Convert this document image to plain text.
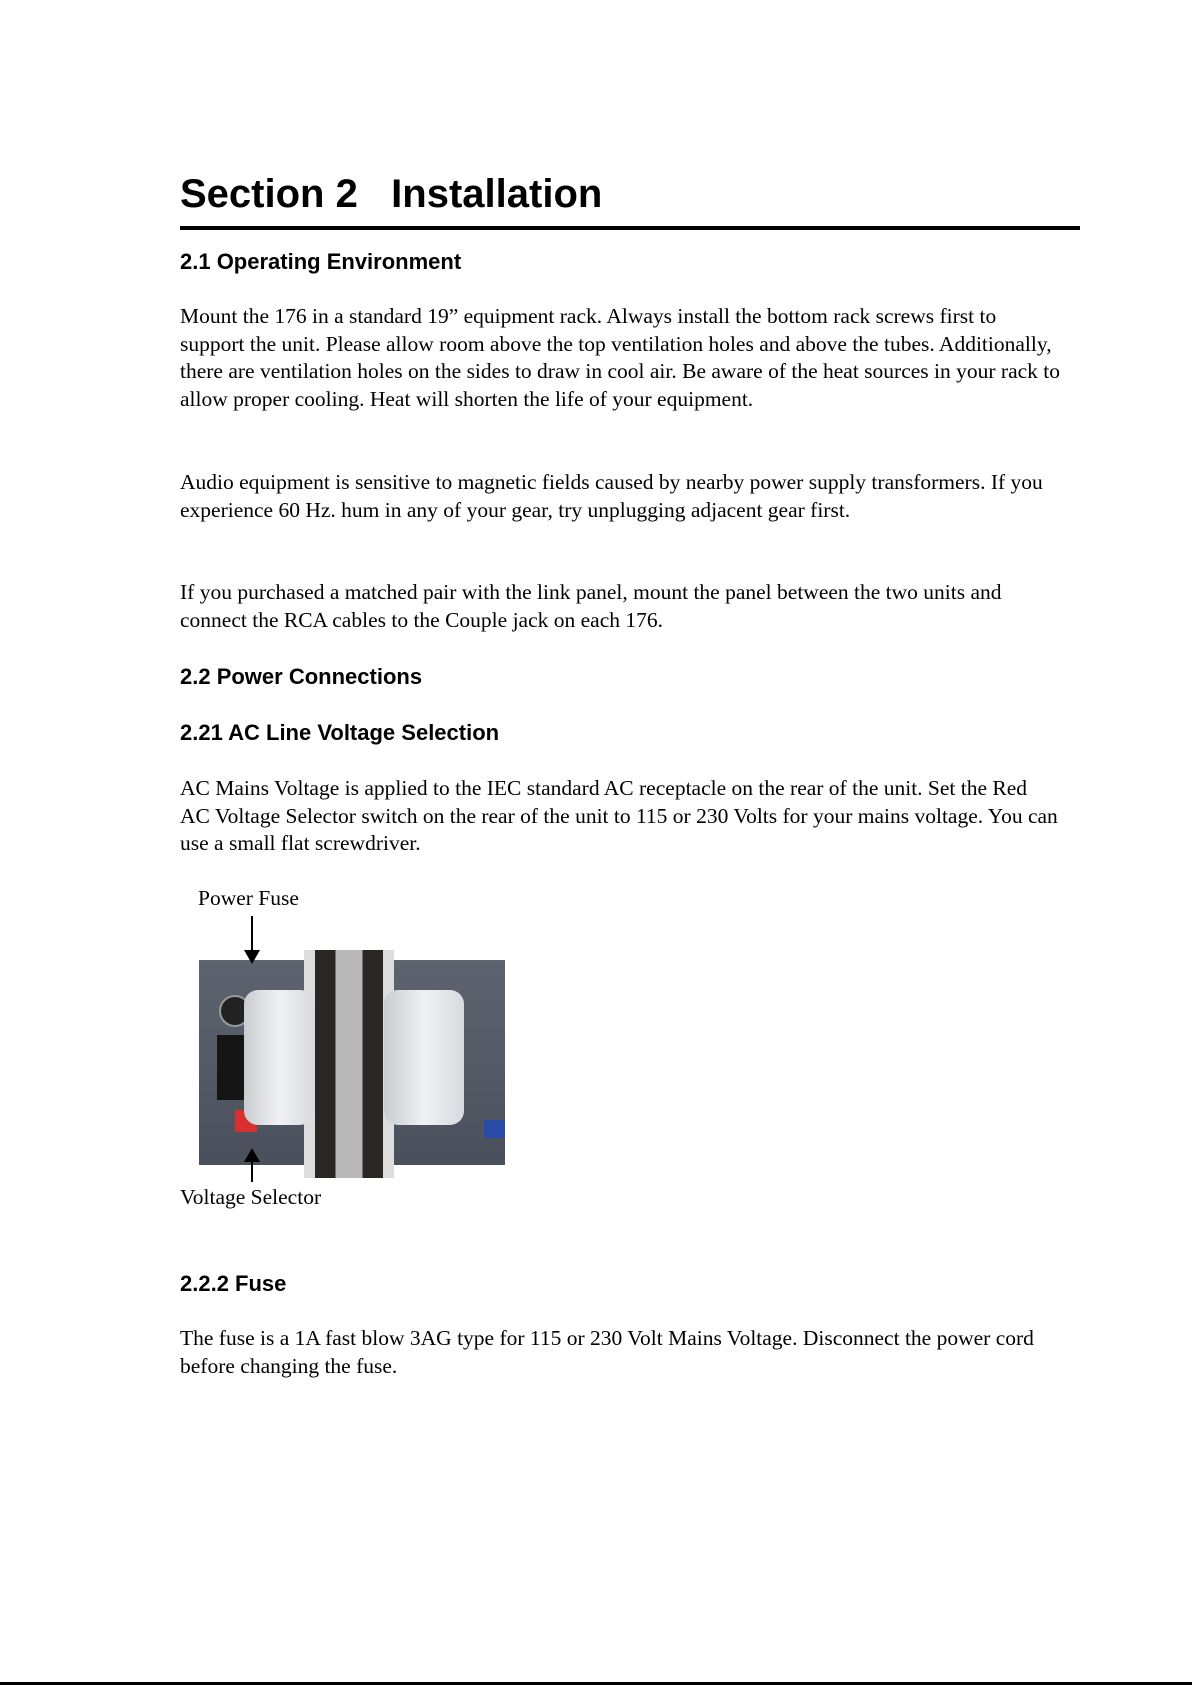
Section 2   Installation
2.1 Operating Environment
Mount the 176 in a standard 19” equipment rack. Always install the bottom rack screws first to support the unit. Please allow room above the top ventilation holes and above the tubes. Additionally, there are ventilation holes on the sides to draw in cool air. Be aware of the heat sources in your rack to allow proper cooling. Heat will shorten the life of your equipment.
Audio equipment is sensitive to magnetic fields caused by nearby power supply transformers. If you experience 60 Hz. hum in any of your gear, try unplugging adjacent gear first.
If you purchased a matched pair with the link panel, mount the panel between the two units and connect the RCA cables to the Couple jack on each 176.
2.2 Power Connections
2.21 AC Line Voltage Selection
AC Mains Voltage is applied to the IEC standard AC receptacle on the rear of the unit. Set the Red AC Voltage Selector switch on the rear of the unit to 115 or 230 Volts for your mains voltage. You can use a small flat screwdriver.
Power Fuse
Voltage Selector
2.2.2 Fuse
The fuse is a 1A fast blow 3AG type for 115 or 230 Volt Mains Voltage. Disconnect the power cord before changing the fuse.
